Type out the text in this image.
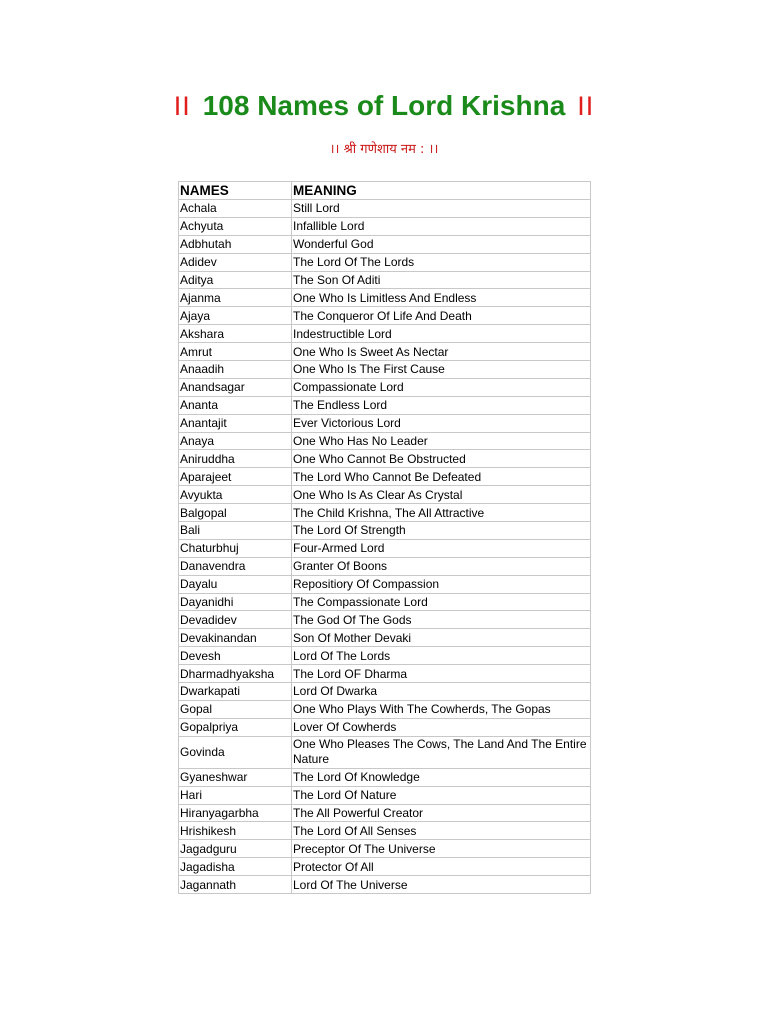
II 108 Names of Lord Krishna II
।। श्री गणेशाय नम : ।।
NAMES	MEANING
Achala	Still Lord
Achyuta	Infallible Lord
Adbhutah	Wonderful God
Adidev	The Lord Of The Lords
Aditya	The Son Of Aditi
Ajanma	One Who Is Limitless And Endless
Ajaya	The Conqueror Of Life And Death
Akshara	Indestructible Lord
Amrut	One Who Is Sweet As Nectar
Anaadih	One Who Is The First Cause
Anandsagar	Compassionate Lord
Ananta	The Endless Lord
Anantajit	Ever Victorious Lord
Anaya	One Who Has No Leader
Aniruddha	One Who Cannot Be Obstructed
Aparajeet	The Lord Who Cannot Be Defeated
Avyukta	One Who Is As Clear As Crystal
Balgopal	The Child Krishna, The All Attractive
Bali	The Lord Of Strength
Chaturbhuj	Four-Armed Lord
Danavendra	Granter Of Boons
Dayalu	Repositiory Of Compassion
Dayanidhi	The Compassionate Lord
Devadidev	The God Of The Gods
Devakinandan	Son Of Mother Devaki
Devesh	Lord Of The Lords
Dharmadhyaksha	The Lord OF Dharma
Dwarkapati	Lord Of Dwarka
Gopal	One Who Plays With The Cowherds, The Gopas
Gopalpriya	Lover Of Cowherds
Govinda	One Who Pleases The Cows, The Land And The Entire Nature
Gyaneshwar	The Lord Of Knowledge
Hari	The Lord Of Nature
Hiranyagarbha	The All Powerful Creator
Hrishikesh	The Lord Of All Senses
Jagadguru	Preceptor Of The Universe
Jagadisha	Protector Of All
Jagannath	Lord Of The Universe
